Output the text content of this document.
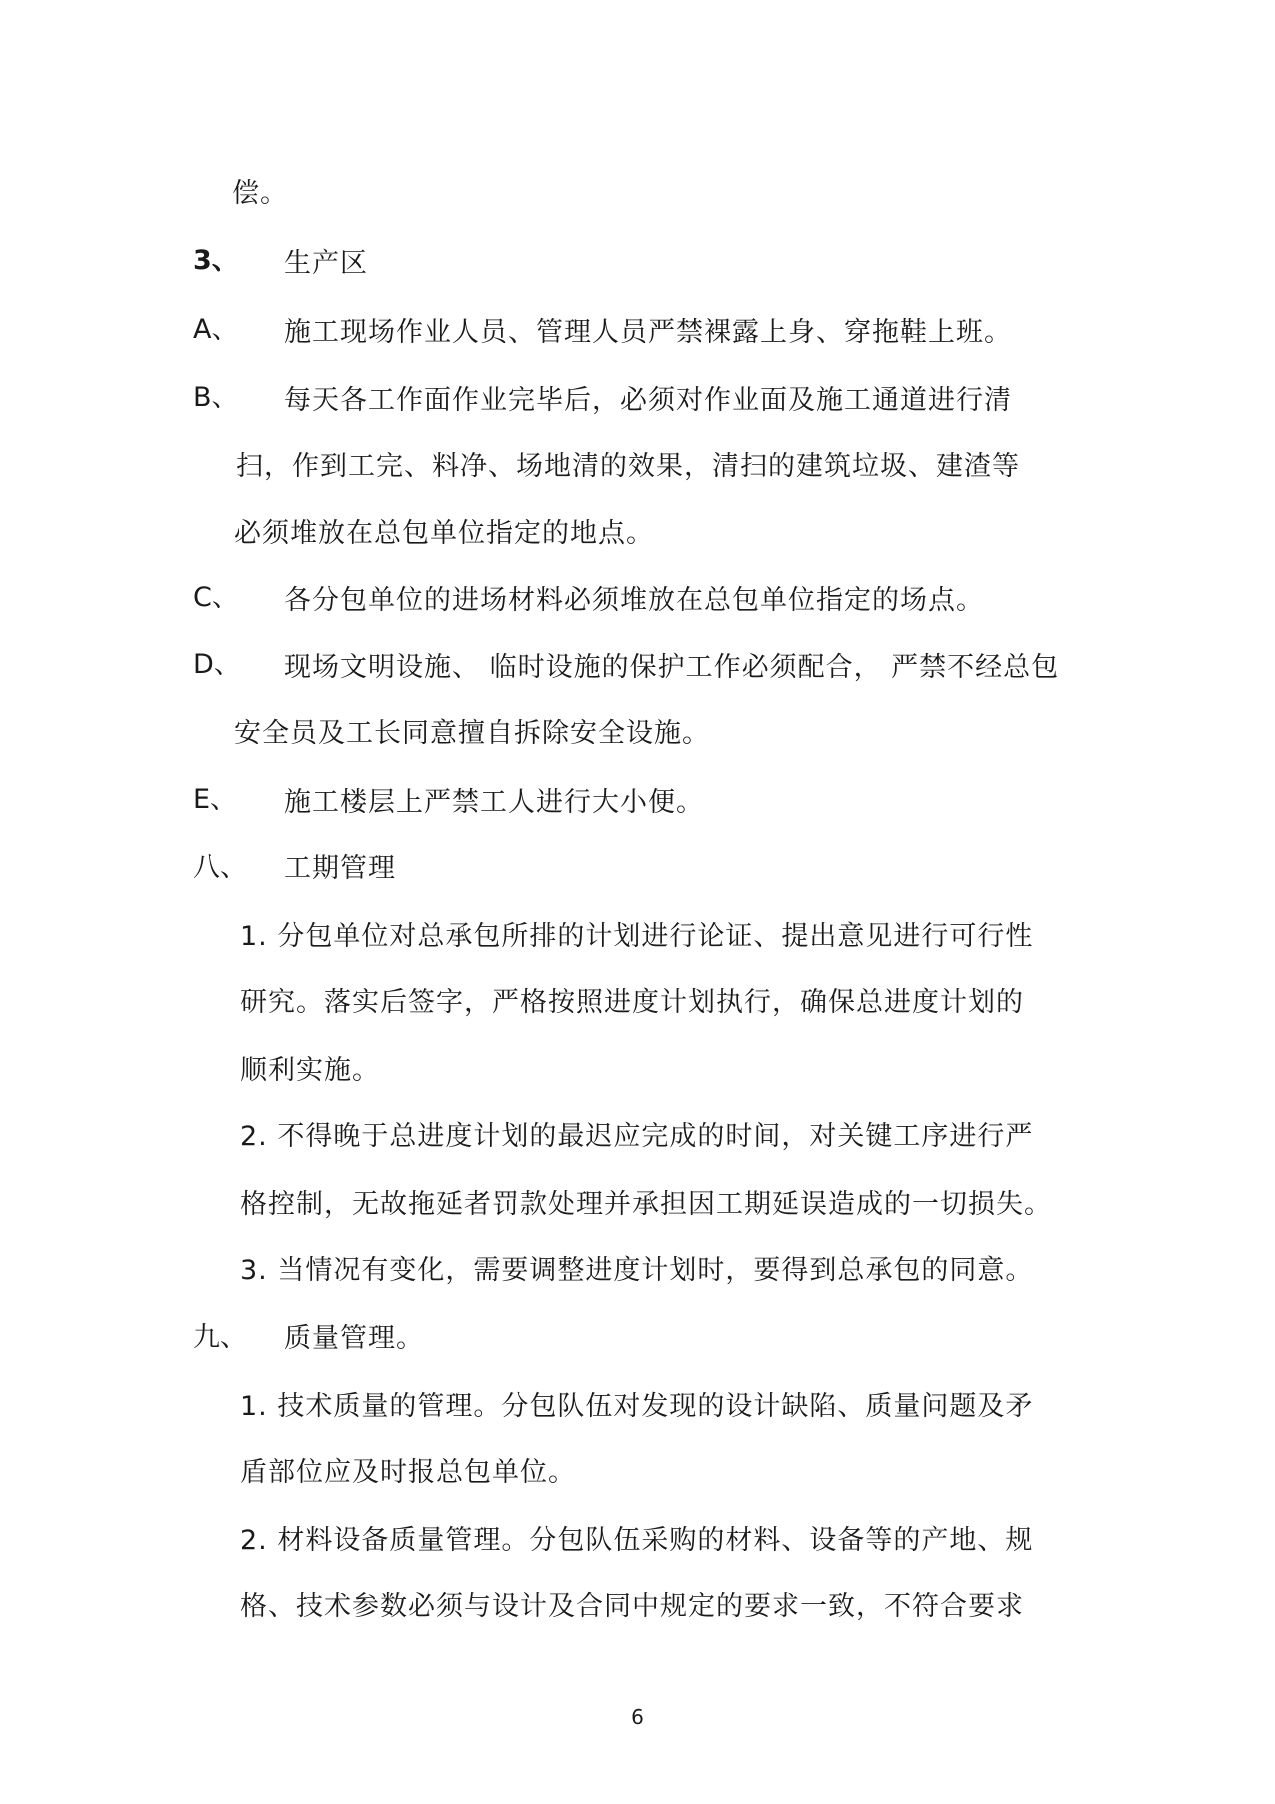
偿。
3、 生产区
A、 施工现场作业人员、管理人员严禁裸露上身、穿拖鞋上班。
B、 每天各工作面作业完毕后，必须对作业面及施工通道进行清
扫，作到工完、料净、场地清的效果，清扫的建筑垃圾、建渣等
必须堆放在总包单位指定的地点。
C、 各分包单位的进场材料必须堆放在总包单位指定的场点。
D、 现场文明设施、 临时设施的保护工作必须配合， 严禁不经总包
安全员及工长同意擅自拆除安全设施。
E、 施工楼层上严禁工人进行大小便。
八、 工期管理
1. 分包单位对总承包所排的计划进行论证、提出意见进行可行性
研究。落实后签字，严格按照进度计划执行，确保总进度计划的
顺利实施。
2. 不得晚于总进度计划的最迟应完成的时间，对关键工序进行严
格控制，无故拖延者罚款处理并承担因工期延误造成的一切损失。
3. 当情况有变化，需要调整进度计划时，要得到总承包的同意。
九、 质量管理。
1. 技术质量的管理。分包队伍对发现的设计缺陷、质量问题及矛
盾部位应及时报总包单位。
2. 材料设备质量管理。分包队伍采购的材料、设备等的产地、规
格、技术参数必须与设计及合同中规定的要求一致，不符合要求
6
